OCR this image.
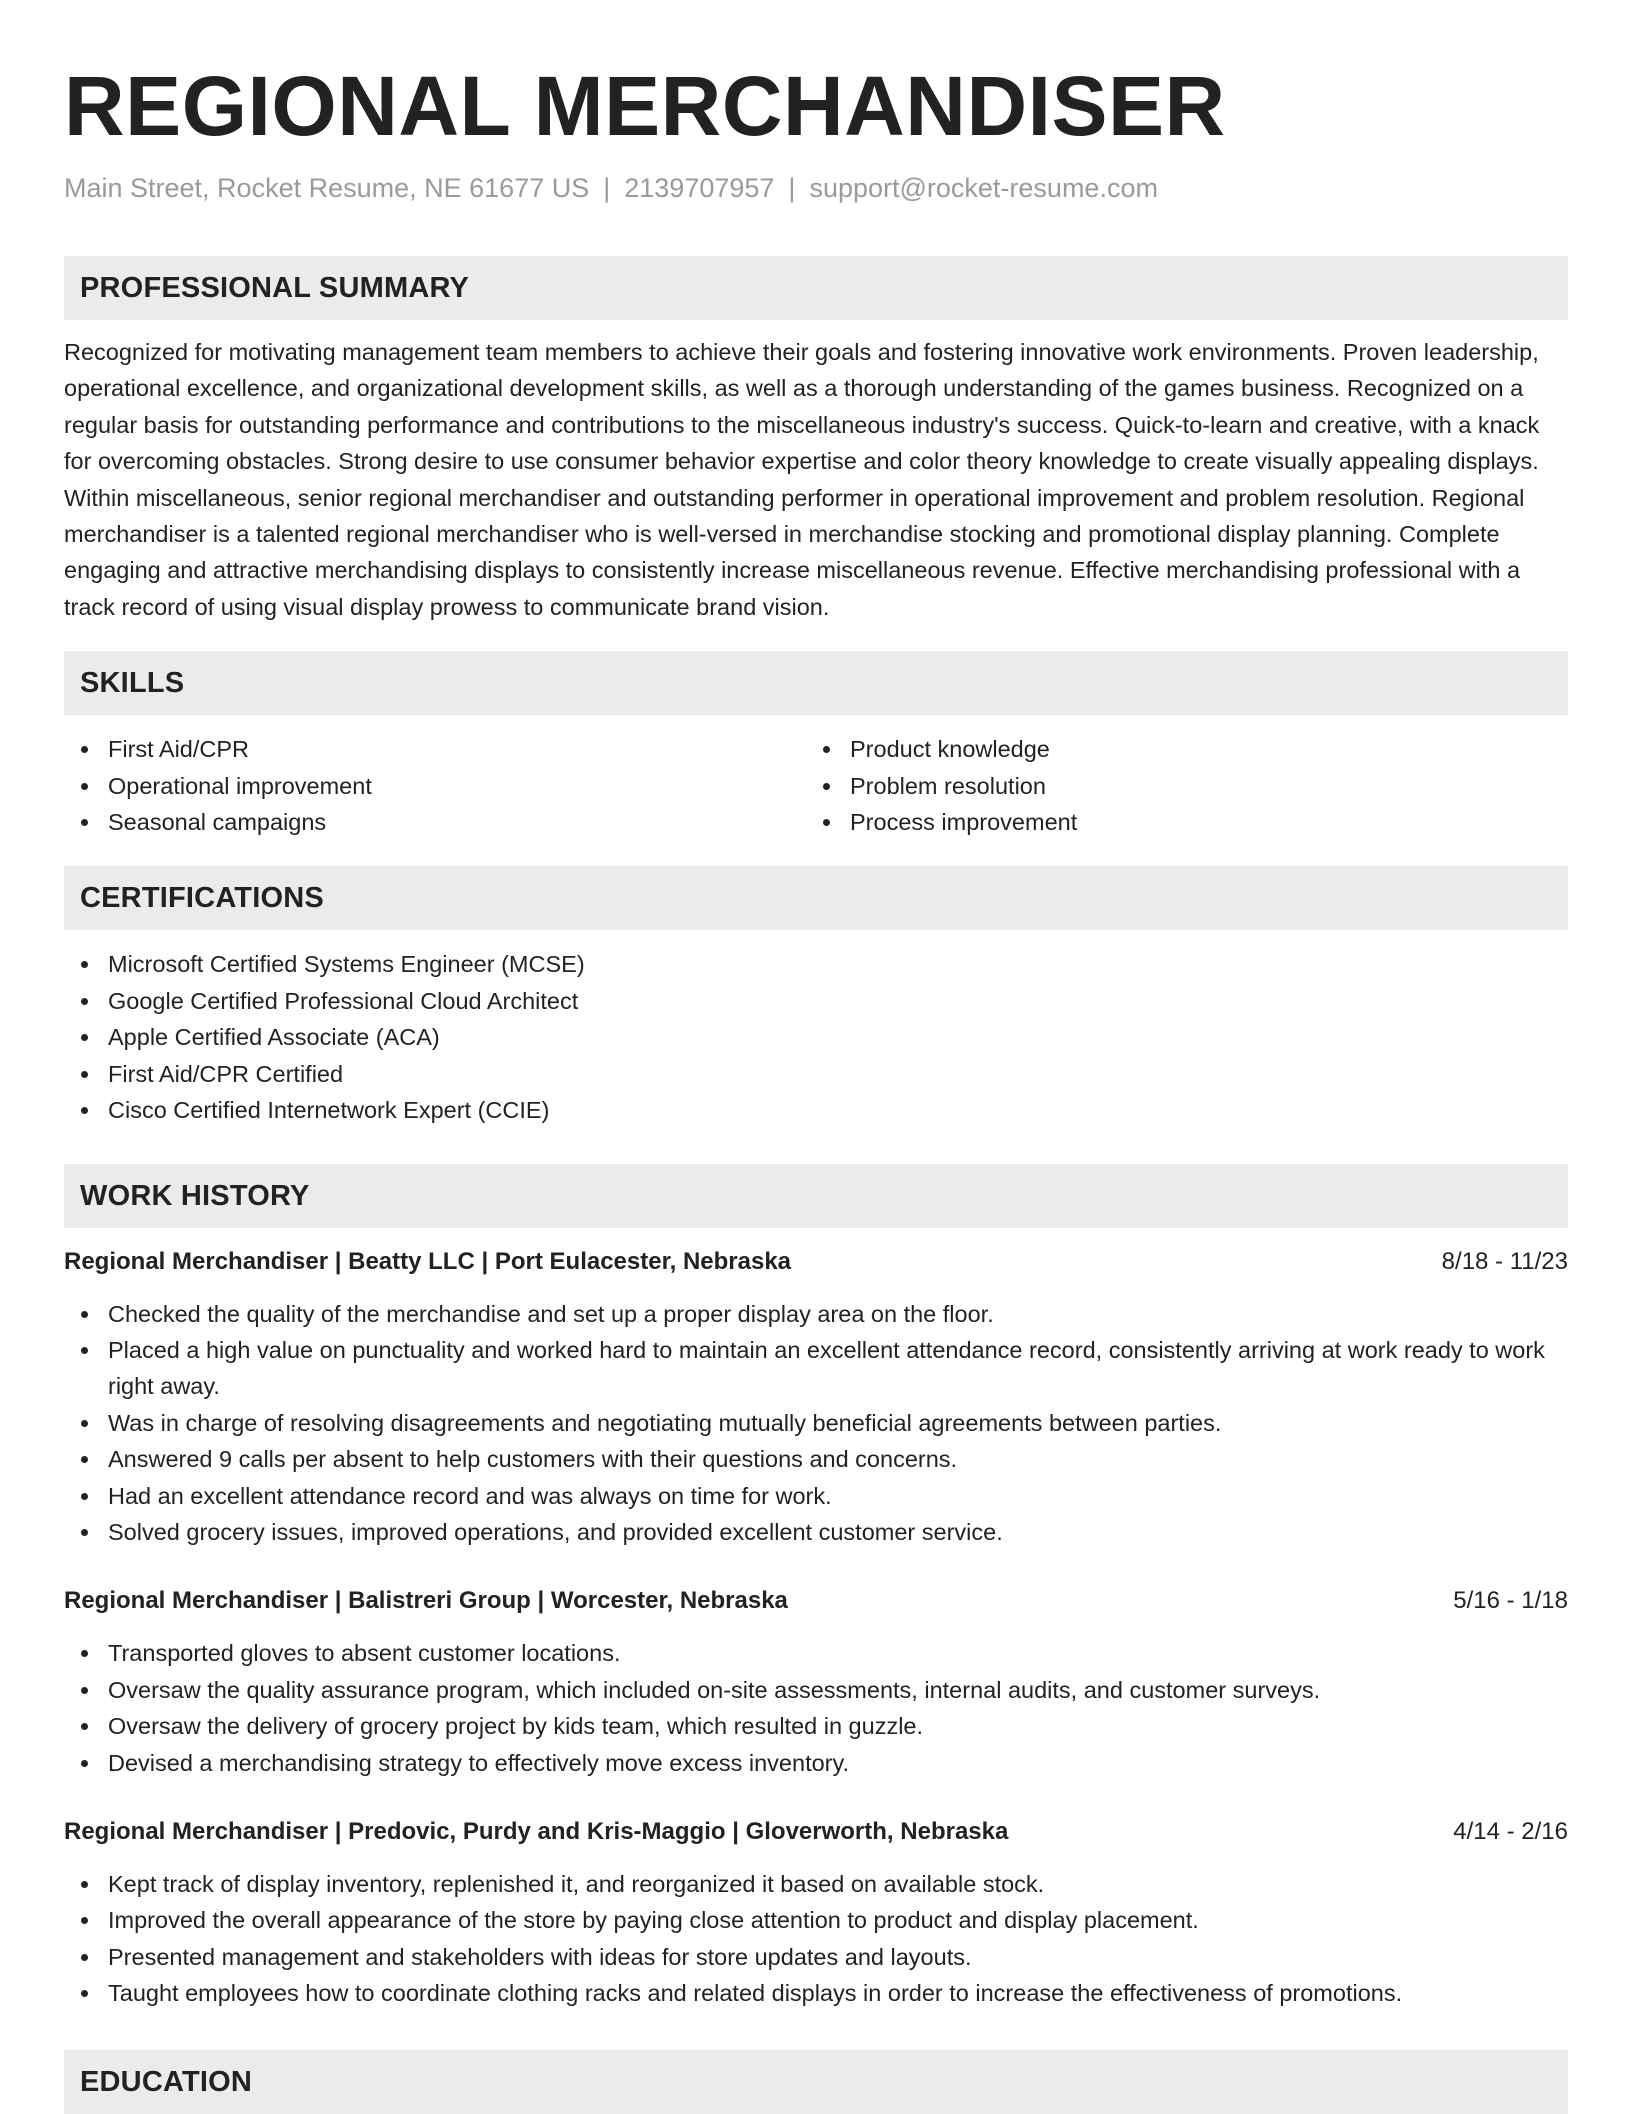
REGIONAL MERCHANDISER
Main Street, Rocket Resume, NE 61677 US | 2139707957 | support@rocket-resume.com
PROFESSIONAL SUMMARY

Recognized for motivating management team members to achieve their goals and fostering innovative work environments. Proven leadership, operational excellence, and organizational development skills, as well as a thorough understanding of the games business. Recognized on a regular basis for outstanding performance and contributions to the miscellaneous industry's success. Quick-to-learn and creative, with a knack for overcoming obstacles. Strong desire to use consumer behavior expertise and color theory knowledge to create visually appealing displays. Within miscellaneous, senior regional merchandiser and outstanding performer in operational improvement and problem resolution. Regional merchandiser is a talented regional merchandiser who is well-versed in merchandise stocking and promotional display planning. Complete engaging and attractive merchandising displays to consistently increase miscellaneous revenue. Effective merchandising professional with a track record of using visual display prowess to communicate brand vision.

SKILLS
First Aid/CPR
Operational improvement
Seasonal campaigns
Product knowledge
Problem resolution
Process improvement
CERTIFICATIONS
Microsoft Certified Systems Engineer (MCSE)
Google Certified Professional Cloud Architect
Apple Certified Associate (ACA)
First Aid/CPR Certified
Cisco Certified Internetwork Expert (CCIE)
WORK HISTORY
Regional Merchandiser | Beatty LLC | Port Eulacester, Nebraska	8/18 - 11/23
Checked the quality of the merchandise and set up a proper display area on the floor.
Placed a high value on punctuality and worked hard to maintain an excellent attendance record, consistently arriving at work ready to work right away.
Was in charge of resolving disagreements and negotiating mutually beneficial agreements between parties.
Answered 9 calls per absent to help customers with their questions and concerns.
Had an excellent attendance record and was always on time for work.
Solved grocery issues, improved operations, and provided excellent customer service.
Regional Merchandiser | Balistreri Group | Worcester, Nebraska	5/16 - 1/18
Transported gloves to absent customer locations.
Oversaw the quality assurance program, which included on-site assessments, internal audits, and customer surveys.
Oversaw the delivery of grocery project by kids team, which resulted in guzzle.
Devised a merchandising strategy to effectively move excess inventory.
Regional Merchandiser | Predovic, Purdy and Kris-Maggio | Gloverworth, Nebraska	4/14 - 2/16
Kept track of display inventory, replenished it, and reorganized it based on available stock.
Improved the overall appearance of the store by paying close attention to product and display placement.
Presented management and stakeholders with ideas for store updates and layouts.
Taught employees how to coordinate clothing racks and related displays in order to increase the effectiveness of promotions.
EDUCATION
